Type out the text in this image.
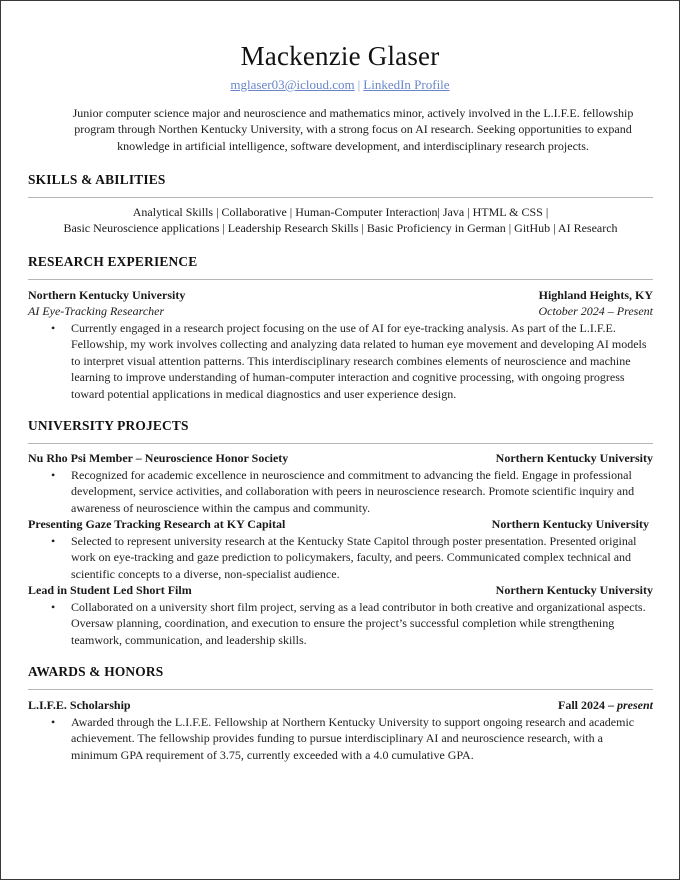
Mackenzie Glaser
mglaser03@icloud.com | LinkedIn Profile
Junior computer science major and neuroscience and mathematics minor, actively involved in the L.I.F.E. fellowship program through Northen Kentucky University, with a strong focus on AI research. Seeking opportunities to expand knowledge in artificial intelligence, software development, and interdisciplinary research projects.
SKILLS & ABILITIES
Analytical Skills | Collaborative | Human-Computer Interaction| Java | HTML & CSS |
Basic Neuroscience applications | Leadership Research Skills | Basic Proficiency in German | GitHub | AI Research
RESEARCH EXPERIENCE
Northern Kentucky University	Highland Heights, KY
AI Eye-Tracking Researcher	October 2024 – Present
• Currently engaged in a research project focusing on the use of AI for eye-tracking analysis. As part of the L.I.F.E. Fellowship, my work involves collecting and analyzing data related to human eye movement and developing AI models to interpret visual attention patterns. This interdisciplinary research combines elements of neuroscience and machine learning to improve understanding of human-computer interaction and cognitive processing, with ongoing progress toward potential applications in medical diagnostics and user experience design.
UNIVERSITY PROJECTS
Nu Rho Psi Member – Neuroscience Honor Society	Northern Kentucky University
• Recognized for academic excellence in neuroscience and commitment to advancing the field. Engage in professional development, service activities, and collaboration with peers in neuroscience research. Promote scientific inquiry and awareness of neuroscience within the campus and community.
Presenting Gaze Tracking Research at KY Capital	Northern Kentucky University
• Selected to represent university research at the Kentucky State Capitol through poster presentation. Presented original work on eye-tracking and gaze prediction to policymakers, faculty, and peers. Communicated complex technical and scientific concepts to a diverse, non-specialist audience.
Lead in Student Led Short Film	Northern Kentucky University
• Collaborated on a university short film project, serving as a lead contributor in both creative and organizational aspects. Oversaw planning, coordination, and execution to ensure the project’s successful completion while strengthening teamwork, communication, and leadership skills.
AWARDS & HONORS
L.I.F.E. Scholarship	Fall 2024 – present
• Awarded through the L.I.F.E. Fellowship at Northern Kentucky University to support ongoing research and academic achievement. The fellowship provides funding to pursue interdisciplinary AI and neuroscience research, with a minimum GPA requirement of 3.75, currently exceeded with a 4.0 cumulative GPA.
